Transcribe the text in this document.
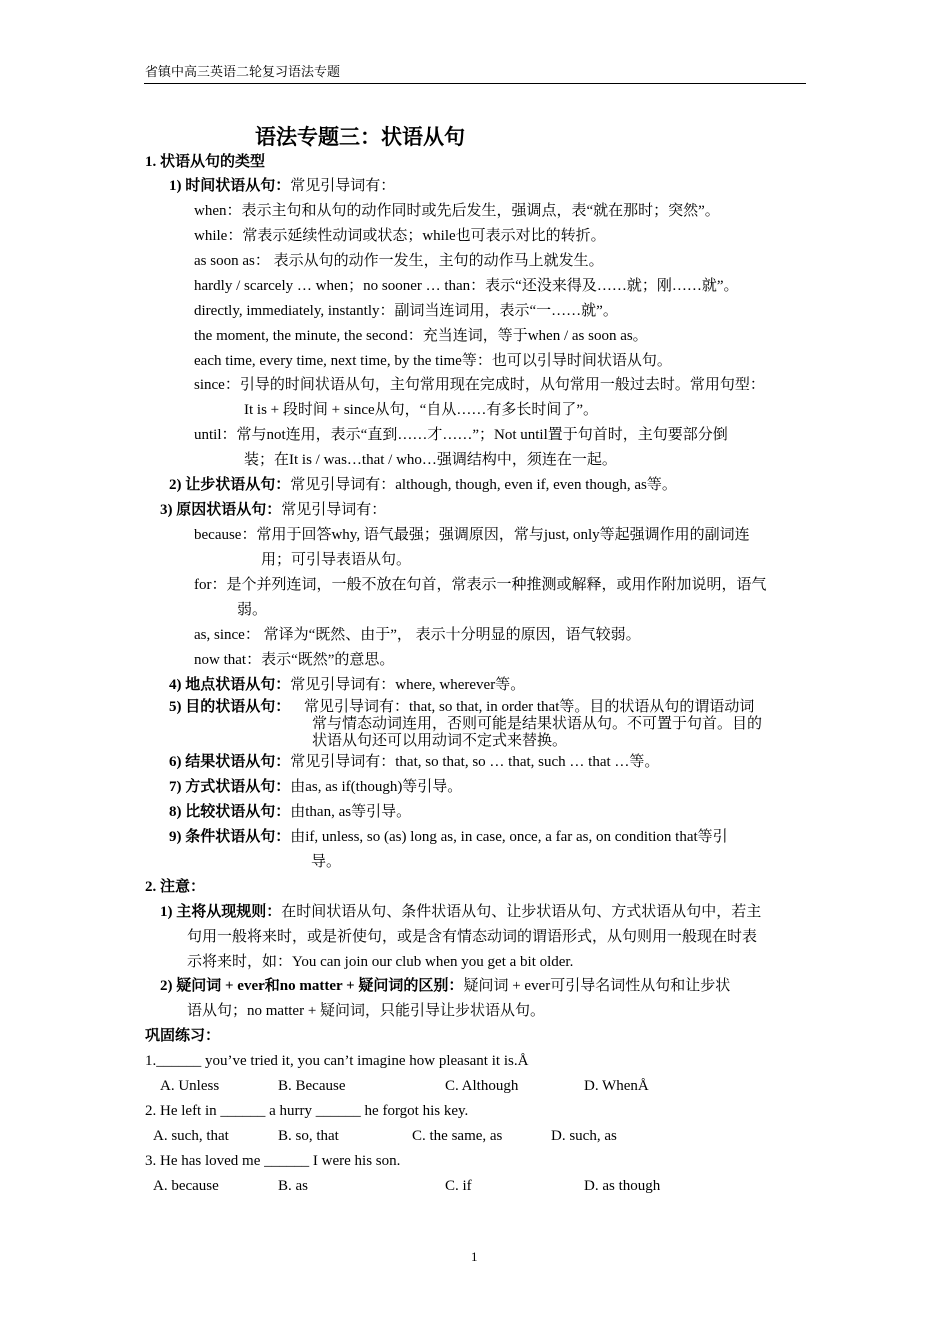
省镇中高三英语二轮复习语法专题
语法专题三：状语从句
1. 状语从句的类型
1) 时间状语从句：常见引导词有：
when：表示主句和从句的动作同时或先后发生，强调点，表“就在那时；突然”。
while：常表示延续性动词或状态；while也可表示对比的转折。
as soon as： 表示从句的动作一发生，主句的动作马上就发生。
hardly / scarcely … when；no sooner … than：表示“还没来得及……就；刚……就”。
directly, immediately, instantly：副词当连词用，表示“一……就”。
the moment, the minute, the second：充当连词，等于when / as soon as。
each time, every time, next time, by the time等：也可以引导时间状语从句。
since：引导的时间状语从句，主句常用现在完成时，从句常用一般过去时。常用句型：
It is + 段时间 + since从句，“自从……有多长时间了”。
until：常与not连用，表示“直到……才……”；Not until置于句首时，主句要部分倒
装；在It is / was…that / who…强调结构中，须连在一起。
2) 让步状语从句：常见引导词有：although, though, even if, even though, as等。
3) 原因状语从句：常见引导词有：
because：常用于回答why, 语气最强；强调原因，常与just, only等起强调作用的副词连
用；可引导表语从句。
for：是个并列连词，一般不放在句首，常表示一种推测或解释，或用作附加说明，语气
弱。
as, since： 常译为“既然、由于”， 表示十分明显的原因，语气较弱。
now that：表示“既然”的意思。
4) 地点状语从句：常见引导词有：where, wherever等。
5) 目的状语从句： 常见引导词有：that, so that, in order that等。目的状语从句的谓语动词
常与情态动词连用，否则可能是结果状语从句。不可置于句首。目的
状语从句还可以用动词不定式来替换。
6) 结果状语从句：常见引导词有：that, so that, so … that, such … that …等。
7) 方式状语从句：由as, as if(though)等引导。
8) 比较状语从句：由than, as等引导。
9) 条件状语从句：由if, unless, so (as) long as, in case, once, a far as, on condition that等引
导。
2. 注意：
1) 主将从现规则：在时间状语从句、条件状语从句、让步状语从句、方式状语从句中，若主
句用一般将来时，或是祈使句，或是含有情态动词的谓语形式，从句则用一般现在时表
示将来时，如：You can join our club when you get a bit older.
2) 疑问词 + ever和no matter + 疑问词的区别：疑问词 + ever可引导名词性从句和让步状
语从句；no matter + 疑问词，只能引导让步状语从句。
巩固练习：
1.______ you’ve tried it, you can’t imagine how pleasant it is.Å
A. Unless	B. Because	C. Although	D. WhenÅ
2. He left in ______ a hurry ______ he forgot his key.
A. such, that	B. so, that	C. the same, as	D. such, as
3. He has loved me ______ I were his son.
A. because	B. as	C. if	D. as though
1
